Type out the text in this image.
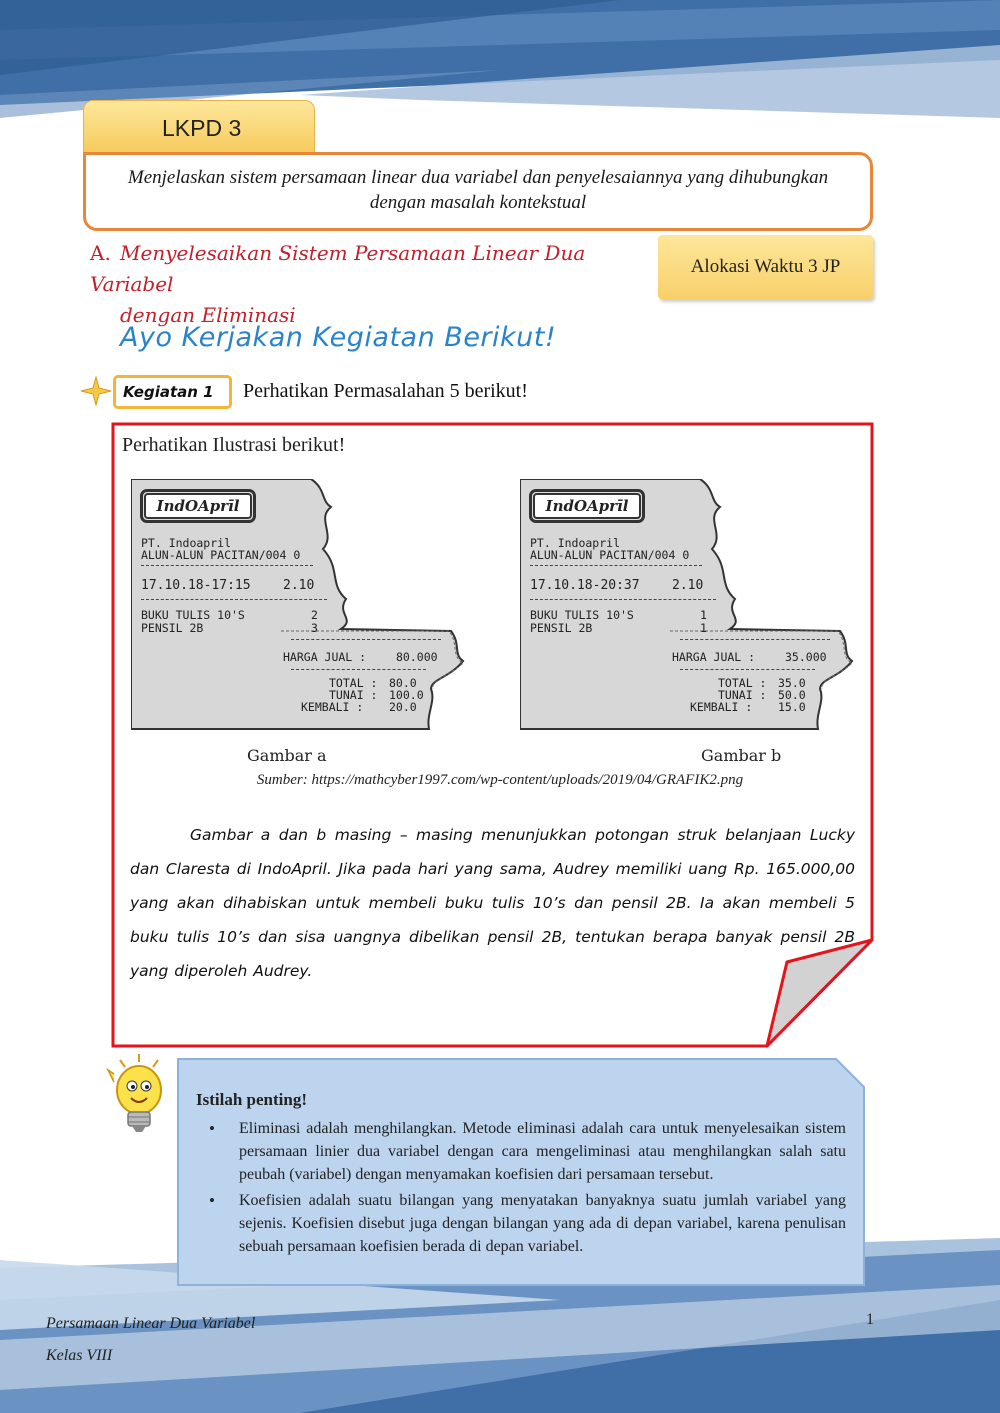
LKPD 3
Menjelaskan sistem persamaan linear dua variabel dan penyelesaiannya yang dihubungkan dengan masalah kontekstual
A. Menyelesaikan Sistem Persamaan Linear Dua Variabel
dengan Eliminasi
Alokasi Waktu 3 JP
Ayo Kerjakan Kegiatan Berikut!
Kegiatan 1	Perhatikan Permasalahan 5 berikut!
Perhatikan Ilustrasi berikut!
IndOAprīl
PT. Indoapril
ALUN-ALUN PACITAN/004 0
17.10.18-17:15 2.10
BUKU TULIS 10'S	2
PENSIL 2B	3
HARGA JUAL :	80.000
TOTAL : 80.0
TUNAI : 100.0
KEMBALI : 20.0
IndOAprīl
PT. Indoapril
ALUN-ALUN PACITAN/004 0
17.10.18-20:37 2.10
BUKU TULIS 10'S	1
PENSIL 2B	1
HARGA JUAL :	35.000
TOTAL : 35.0
TUNAI : 50.0
KEMBALI : 15.0
Gambar a	Gambar b
Sumber: https://mathcyber1997.com/wp-content/uploads/2019/04/GRAFIK2.png

Gambar a dan b masing – masing menunjukkan potongan struk belanjaan Lucky dan Claresta di IndoApril. Jika pada hari yang sama, Audrey memiliki uang Rp. 165.000,00 yang akan dihabiskan untuk membeli buku tulis 10’s dan pensil 2B. Ia akan membeli 5 buku tulis 10’s dan sisa uangnya dibelikan pensil 2B, tentukan berapa banyak pensil 2B yang diperoleh Audrey.

Istilah penting!
• Eliminasi adalah menghilangkan. Metode eliminasi adalah cara untuk menyelesaikan sistem persamaan linier dua variabel dengan cara mengeliminasi atau menghilangkan salah satu peubah (variabel) dengan menyamakan koefisien dari persamaan tersebut.
• Koefisien adalah suatu bilangan yang menyatakan banyaknya suatu jumlah variabel yang sejenis. Koefisien disebut juga dengan bilangan yang ada di depan variabel, karena penulisan sebuah persamaan koefisien berada di depan variabel.
Persamaan Linear Dua Variabel
Kelas VIII
1
